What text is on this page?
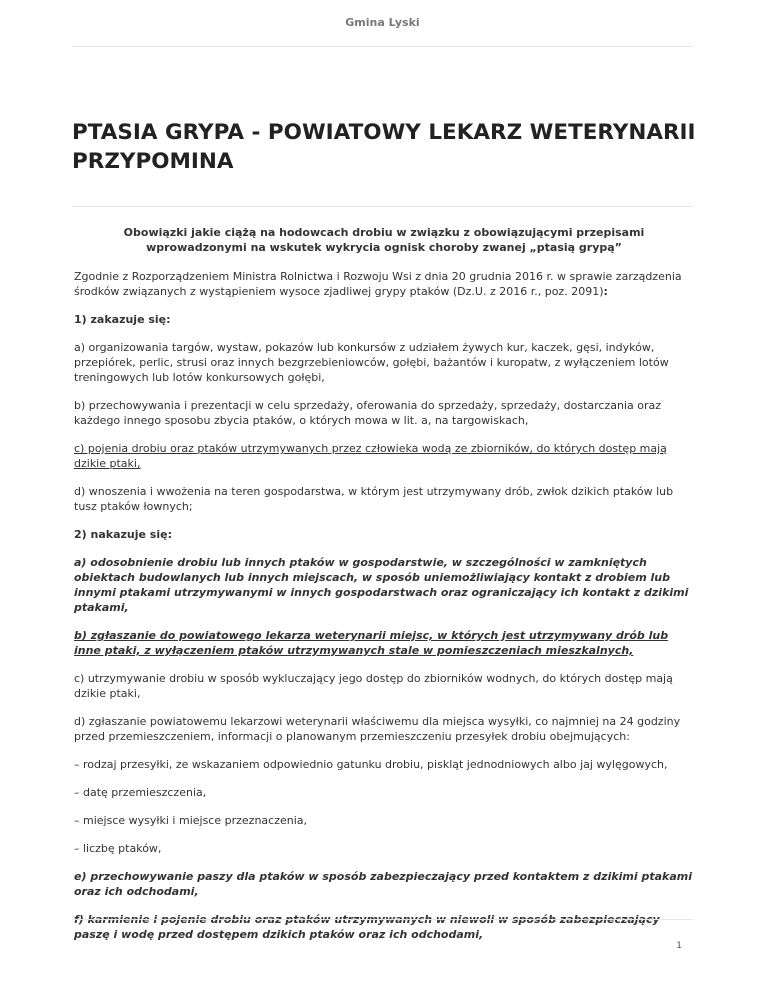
Gmina Lyski
PTASIA GRYPA - POWIATOWY LEKARZ WETERYNARII PRZYPOMINA

Obowiązki jakie ciążą na hodowcach drobiu w związku z obowiązującymi przepisami wprowadzonymi na wskutek wykrycia ognisk choroby zwanej „ptasią grypą”

Zgodnie z Rozporządzeniem Ministra Rolnictwa i Rozwoju Wsi z dnia 20 grudnia 2016 r. w sprawie zarządzenia środków związanych z wystąpieniem wysoce zjadliwej grypy ptaków (Dz.U. z 2016 r., poz. 2091):

1) zakazuje się:

a) organizowania targów, wystaw, pokazów lub konkursów z udziałem żywych kur, kaczek, gęsi, indyków, przepiórek, perlic, strusi oraz innych bezgrzebieniowców, gołębi, bażantów i kuropatw, z wyłączeniem lotów treningowych lub lotów konkursowych gołębi,

b) przechowywania i prezentacji w celu sprzedaży, oferowania do sprzedaży, sprzedaży, dostarczania oraz każdego innego sposobu zbycia ptaków, o których mowa w lit. a, na targowiskach,

c) pojenia drobiu oraz ptaków utrzymywanych przez człowieka wodą ze zbiorników, do których dostęp mają dzikie ptaki,

d) wnoszenia i wwożenia na teren gospodarstwa, w którym jest utrzymywany drób, zwłok dzikich ptaków lub tusz ptaków łownych;

2) nakazuje się:

a) odosobnienie drobiu lub innych ptaków w gospodarstwie, w szczególności w zamkniętych obiektach budowlanych lub innych miejscach, w sposób uniemożliwiający kontakt z drobiem lub innymi ptakami utrzymywanymi w innych gospodarstwach oraz ograniczający ich kontakt z dzikimi ptakami,

b) zgłaszanie do powiatowego lekarza weterynarii miejsc, w których jest utrzymywany drób lub inne ptaki, z wyłączeniem ptaków utrzymywanych stale w pomieszczeniach mieszkalnych,

c) utrzymywanie drobiu w sposób wykluczający jego dostęp do zbiorników wodnych, do których dostęp mają dzikie ptaki,

d) zgłaszanie powiatowemu lekarzowi weterynarii właściwemu dla miejsca wysyłki, co najmniej na 24 godziny przed przemieszczeniem, informacji o planowanym przemieszczeniu przesyłek drobiu obejmujących:

– rodzaj przesyłki, ze wskazaniem odpowiednio gatunku drobiu, piskląt jednodniowych albo jaj wylęgowych,

– datę przemieszczenia,

– miejsce wysyłki i miejsce przeznaczenia,

– liczbę ptaków,

e) przechowywanie paszy dla ptaków w sposób zabezpieczający przed kontaktem z dzikimi ptakami oraz ich odchodami,

f) karmienie i pojenie drobiu oraz ptaków utrzymywanych w niewoli w sposób zabezpieczający paszę i wodę przed dostępem dzikich ptaków oraz ich odchodami,

1
